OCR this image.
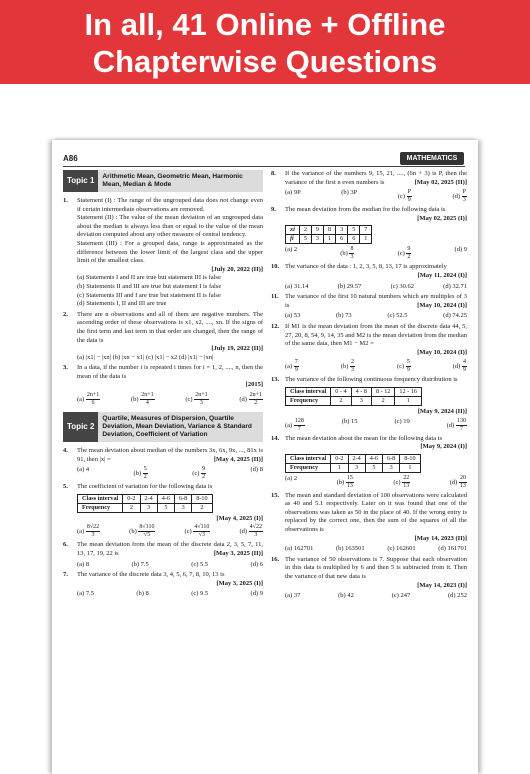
In all, 41 Online + Offline
Chapterwise Questions
A86	MATHEMATICS
Topic 1	Arithmetic Mean, Geometric Mean, Harmonic Mean, Median & Mode
1.	Statement (I) : The range of the ungrouped data does not change even if certain intermediate observations are removed.
Statement (II) : The value of the mean deviation of an ungrouped data about the median is always less than or equal to the value of the mean deviation computed about any other measure of central tendency.
Statement (III) : For a grouped data, range is approximated as the difference between the lower limit of the largest class and the upper limit of the smallest class.
[July 20, 2022 (II)]
(a) Statements I and II are true but statement III is false
(b) Statements II and III are true but statement I is false
(c) Statements III and I are true but statement II is false
(d) Statements I, II and III are true
2.	There are n observations and all of them are negative numbers. The ascending order of these observations is x1, x2, ...., xn. If the signs of the first term and last term in that order are changed, then the range of the data is
[July 19, 2022 (II)]
(a) |x1| − |xn| (b) |xn − x1| (c) |x1| − x2 (d) |x1| − |xn|
3.	In a data, if the number i is repeated i times for i = 1, 2, ...., n, then the mean of the data is
[2015]
$(a) \frac{2n+1}{6}$	$(b) \frac{2n+1}{4}$	$(c) \frac{2n+1}{3}$	$(d) \frac{2n+1}{2}$
Topic 2
Quartile, Measures of Dispersion, Quartile Deviation, Mean Deviation, Variance & Standard Deviation, Coefficient of Variation
4.	The mean deviation about median of the numbers 3x, 6x, 9x, ..., 81x is 91, then |x| =	[May 4, 2025 (II)]
(a) 4
$(b) \frac{5}{2}$	$(c) \frac{9}{2}$	(d) 8
5.	The coefficient of variation for the following data is
Class interval	0-2	2-4	4-6	6-8	8-10
Frequency	2	3	5	3	2
[May 4, 2025 (I)]
$(a) \frac{8√22}{3}$	$(b) \frac{8√110}{√5}$	$(c) \frac{4√110}{√3}$	$(d) \frac{4√22}{3}$
6.	The mean deviation from the mean of the discrete data 2, 3, 5, 7, 11, 13, 17, 19, 22 is	[May 3, 2025 (II)]
(a) 8	(b) 7.5	(c) 5.5	(d) 6
7.	The variance of the discrete data 3, 4, 5, 6, 7, 8, 10, 13 is
[May 3, 2025 (I)]
(a) 7.5	(b) 8	(c) 9.5	(d) 9
8.	If the variance of the numbers 9, 15, 21, ...., (6n + 3) is P, then the variance of the first n even numbers is	[May 02, 2025 (II)]
(a) 9P	(b) 3P
$(c) \frac{P}{9}$	$(d) \frac{P}{3}$
9.	The mean deviation from the median for the following data is
[May 02, 2025 (I)]
xi	2	9	8	3	5	7
fi	5	3	1	6	6	1
(a) 2
$(b) \frac{8}{3}$	$(c) \frac{9}{2}$	(d) 9
10. The variance of the data : 1, 2, 3, 5, 8, 13, 17 is approximately
[May 11, 2024 (I)]
(a) 31.14	(b) 29.57	(c) 30.62	(d) 32.71
11. The variance of the first 10 natural numbers which are multiples of 3 is	[May 10, 2024 (I)]
(a) 53	(b) 73	(c) 52.5	(d) 74.25
12. If M1 is the mean deviation from the mean of the discrete data 44, 5, 27, 20, 8, 54, 9, 14, 35 and M2 is the mean deviation from the median of the same data, then M1 − M2 =
[May 10, 2024 (I)]
$(a) \frac{7}{9}$	$(b) \frac{2}{3}$	$(c) \frac{5}{9}$	$(d) \frac{4}{9}$
13. The variance of the following continuous frequency distribution is
Class interval	0 - 4	4 - 8	8 - 12	12 - 16
Frequency	2	3	2	1
[May 9, 2024 (II)]
$(a) \frac{128}{7}$	(b) 15	(c) 19
$(d) \frac{130}{7}$
14. The mean deviation about the mean for the following data is
[May 9, 2024 (I)]
Class interval	0-2	2-4	4-6	6-8	8-10
Frequency	1	3	5	3	1
(a) 2
$(b) \frac{15}{13}$	$(c) \frac{22}{13}$	$(d) \frac{20}{13}$
15. The mean and standard deviation of 100 observations were calculated as 40 and 5.1 respectively. Later on it was found that one of the observations was taken as 50 in the place of 40. If the wrong entry is replaced by the correct one, then the sum of the squares of all the observations is
[May 14, 2023 (II)]
(a) 162701	(b) 163501	(c) 162601	(d) 161701
16. The variance of 50 observations is 7. Suppose that each observation in this data is multiplied by 6 and then 5 is subtracted from it. Then the variance of that new data is
[May 14, 2023 (I)]
(a) 37	(b) 42	(c) 247	(d) 252
